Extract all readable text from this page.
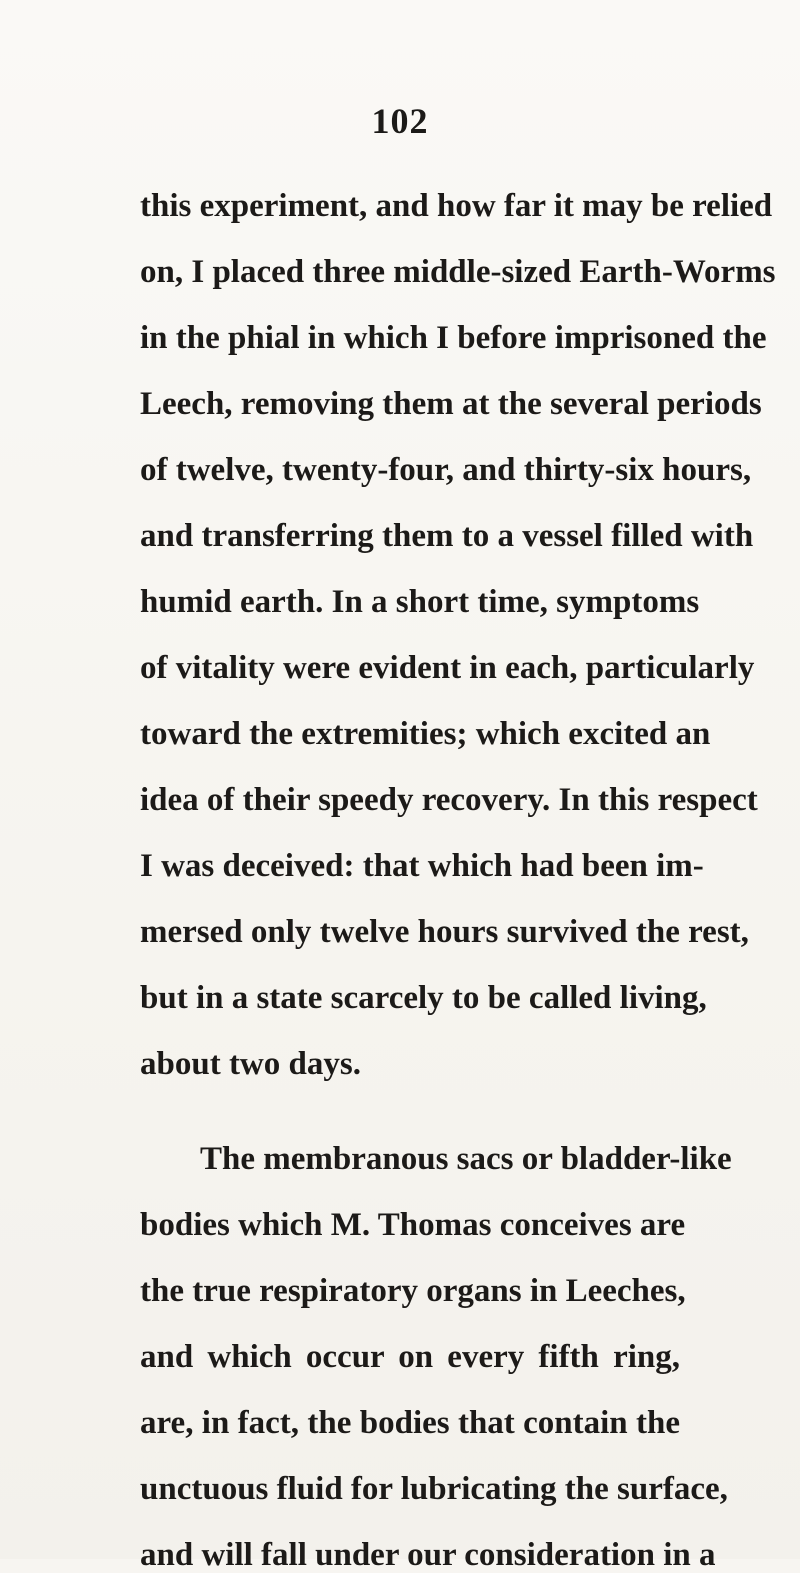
102
this experiment, and how far it may be relied
on, I placed three middle-sized Earth-Worms
in the phial in which I before imprisoned the
Leech, removing them at the several periods
of twelve, twenty-four, and thirty-six hours,
and transferring them to a vessel filled with
humid earth. In a short time, symptoms
of vitality were evident in each, particularly
toward the extremities; which excited an
idea of their speedy recovery. In this respect
I was deceived: that which had been im-
mersed only twelve hours survived the rest,
but in a state scarcely to be called living,
about two days.
The membranous sacs or bladder-like
bodies which M. Thomas conceives are
the true respiratory organs in Leeches,
and which occur on every fifth ring,
are, in fact, the bodies that contain the
unctuous fluid for lubricating the surface,
and will fall under our consideration in a
